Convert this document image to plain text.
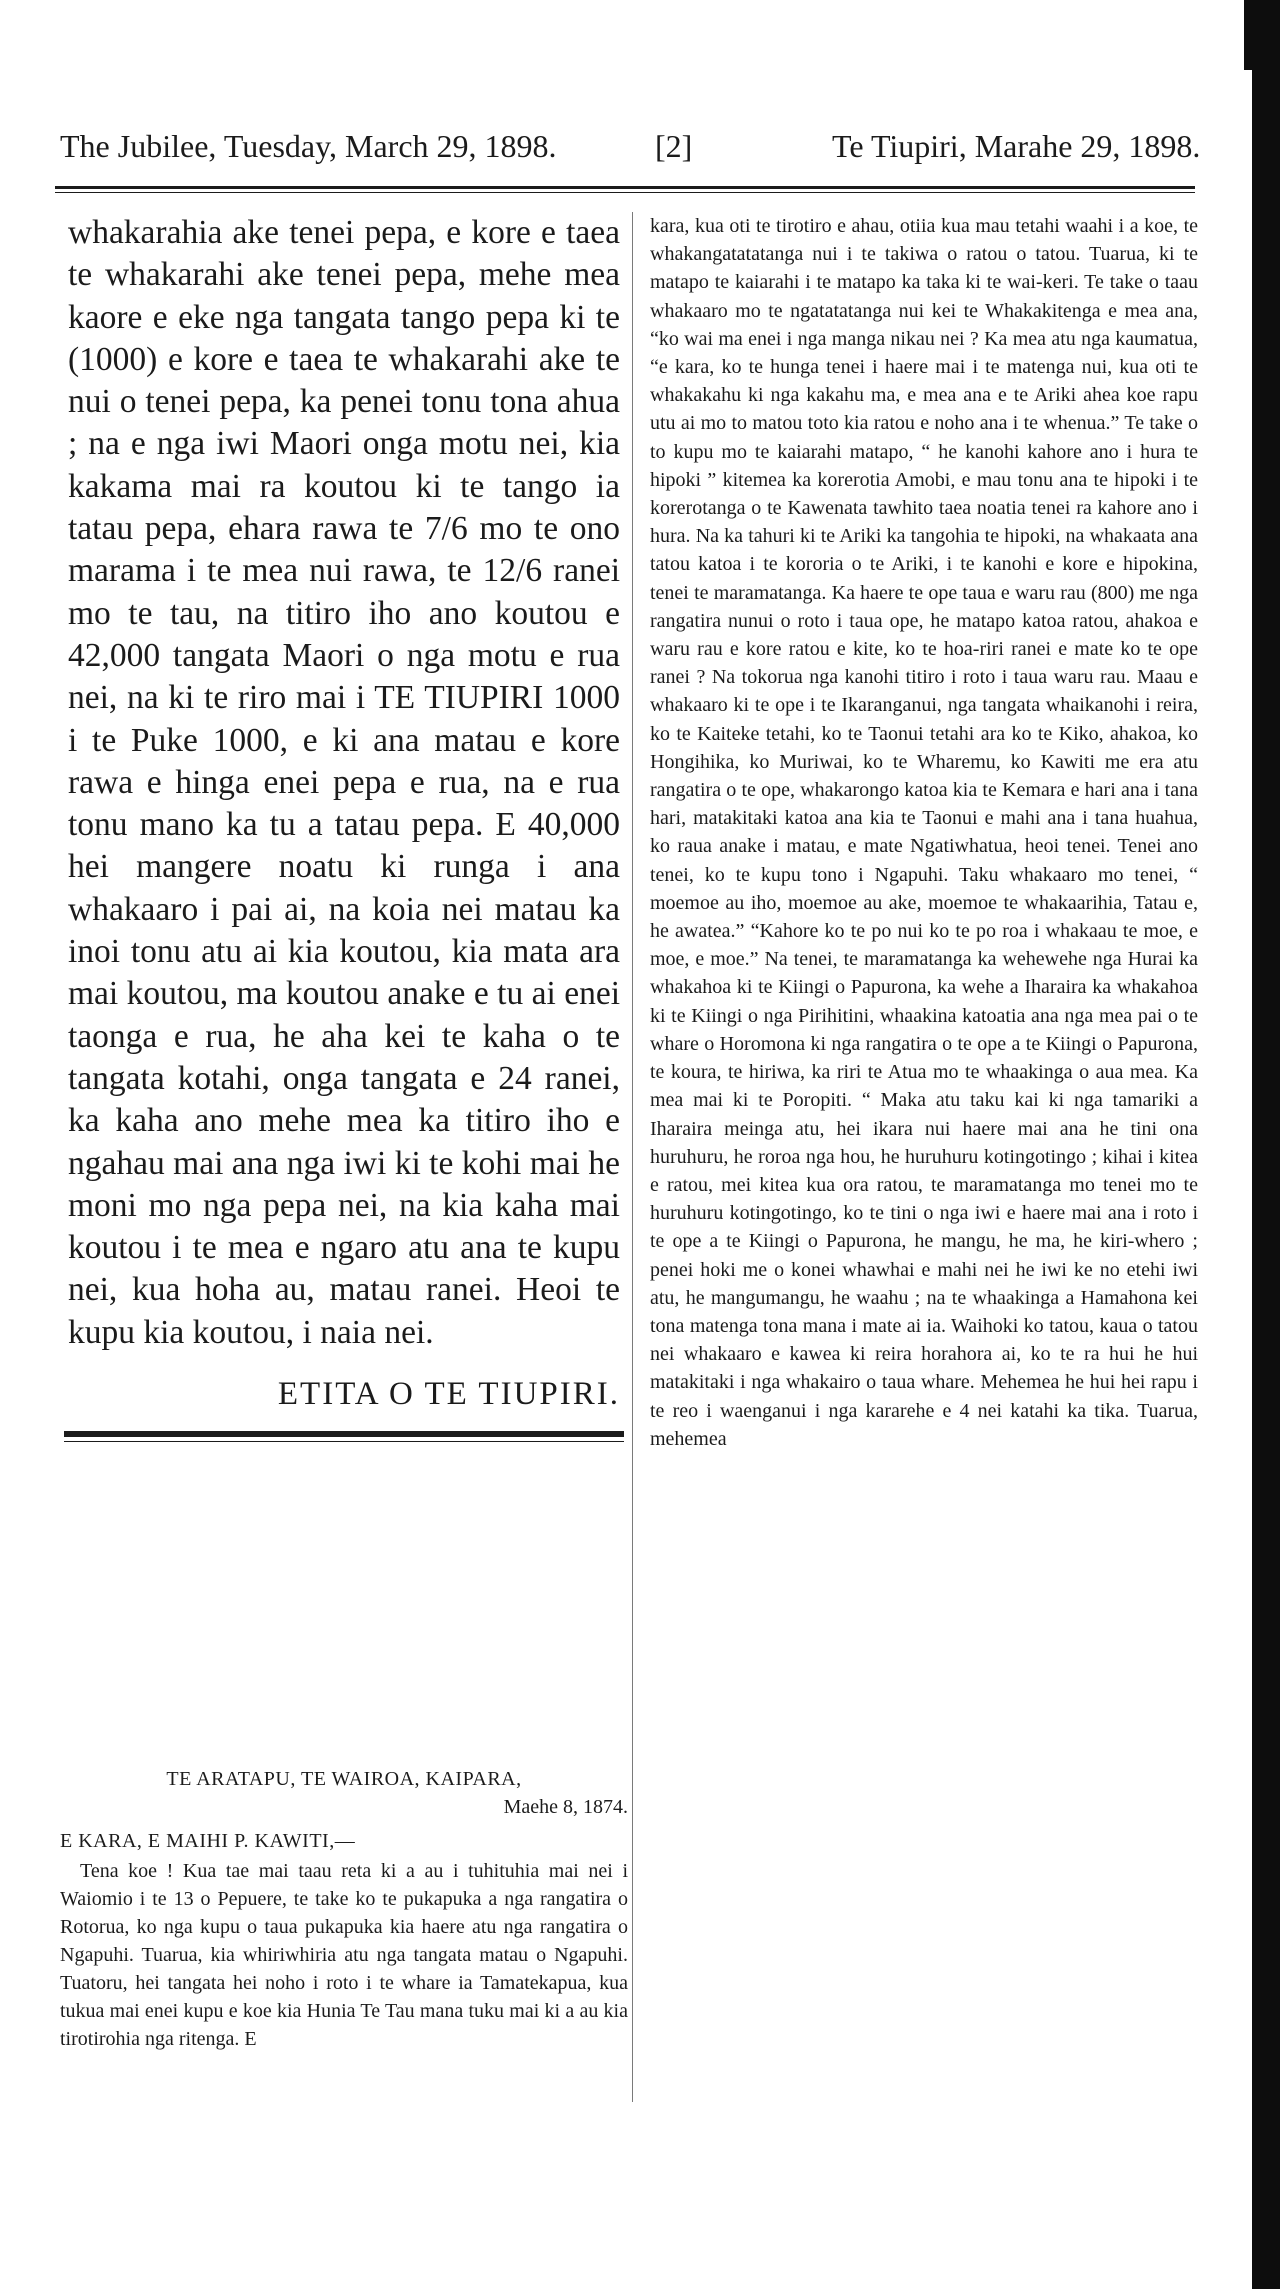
The Jubilee, Tuesday, March 29, 1898.	[2]	Te Tiupiri, Marahe 29, 1898.

whakarahia ake tenei pepa, e kore e taea te whakarahi ake tenei pepa, mehe mea kaore e eke nga tangata tango pepa ki te (1000) e kore e taea te whakarahi ake te nui o tenei pepa, ka penei tonu tona ahua ; na e nga iwi Maori onga motu nei, kia kakama mai ra koutou ki te tango ia tatau pepa, ehara rawa te 7/6 mo te ono marama i te mea nui rawa, te 12/6 ranei mo te tau, na titiro iho ano koutou e 42,000 tangata Maori o nga motu e rua nei, na ki te riro mai i TE TIUPIRI 1000 i te Puke 1000, e ki ana matau e kore rawa e hinga enei pepa e rua, na e rua tonu mano ka tu a tatau pepa. E 40,000 hei mangere noatu ki runga i ana whakaaro i pai ai, na koia nei matau ka inoi tonu atu ai kia koutou, kia mata ara mai koutou, ma koutou anake e tu ai enei taonga e rua, he aha kei te kaha o te tangata kotahi, onga tangata e 24 ranei, ka kaha ano mehe mea ka titiro iho e ngahau mai ana nga iwi ki te kohi mai he moni mo nga pepa nei, na kia kaha mai koutou i te mea e ngaro atu ana te kupu nei, kua hoha au, matau ranei. Heoi te kupu kia koutou, i naia nei.

ETITA O TE TIUPIRI.

TE ARATAPU, TE WAIROA, KAIPARA,

Maehe 8, 1874.

E KARA, E MAIHI P. KAWITI,—

Tena koe ! Kua tae mai taau reta ki a au i tuhituhia mai nei i Waiomio i te 13 o Pepuere, te take ko te pukapuka a nga rangatira o Rotorua, ko nga kupu o taua pukapuka kia haere atu nga rangatira o Ngapuhi. Tuarua, kia whiriwhiria atu nga tangata matau o Ngapuhi. Tuatoru, hei tangata hei noho i roto i te whare ia Tamatekapua, kua tukua mai enei kupu e koe kia Hunia Te Tau mana tuku mai ki a au kia tirotirohia nga ritenga. E

kara, kua oti te tirotiro e ahau, otiia kua mau tetahi waahi i a koe, te whakangatatatanga nui i te takiwa o ratou o tatou. Tuarua, ki te matapo te kaiarahi i te matapo ka taka ki te wai-keri. Te take o taau whakaaro mo te ngatatatanga nui kei te Whakakitenga e mea ana, “ko wai ma enei i nga manga nikau nei ? Ka mea atu nga kaumatua, “e kara, ko te hunga tenei i haere mai i te matenga nui, kua oti te whakakahu ki nga kakahu ma, e mea ana e te Ariki ahea koe rapu utu ai mo to matou toto kia ratou e noho ana i te whenua.” Te take o to kupu mo te kaiarahi matapo, “ he kanohi kahore ano i hura te hipoki ” kitemea ka korerotia Amobi, e mau tonu ana te hipoki i te korerotanga o te Kawenata tawhito taea noatia tenei ra kahore ano i hura. Na ka tahuri ki te Ariki ka tangohia te hipoki, na whakaata ana tatou katoa i te kororia o te Ariki, i te kanohi e kore e hipokina, tenei te maramatanga. Ka haere te ope taua e waru rau (800) me nga rangatira nunui o roto i taua ope, he matapo katoa ratou, ahakoa e waru rau e kore ratou e kite, ko te hoa-riri ranei e mate ko te ope ranei ? Na tokorua nga kanohi titiro i roto i taua waru rau. Maau e whakaaro ki te ope i te Ikaranganui, nga tangata whaikanohi i reira, ko te Kaiteke tetahi, ko te Taonui tetahi ara ko te Kiko, ahakoa, ko Hongihika, ko Muriwai, ko te Wharemu, ko Kawiti me era atu rangatira o te ope, whakarongo katoa kia te Kemara e hari ana i tana hari, matakitaki katoa ana kia te Taonui e mahi ana i tana huahua, ko raua anake i matau, e mate Ngatiwhatua, heoi tenei. Tenei ano tenei, ko te kupu tono i Ngapuhi. Taku whakaaro mo tenei, “ moemoe au iho, moemoe au ake, moemoe te whakaarihia, Tatau e, he awatea.” “Kahore ko te po nui ko te po roa i whakaau te moe, e moe, e moe.” Na tenei, te maramatanga ka wehewehe nga Hurai ka whakahoa ki te Kiingi o Papurona, ka wehe a Iharaira ka whakahoa ki te Kiingi o nga Pirihitini, whaakina katoatia ana nga mea pai o te whare o Horomona ki nga rangatira o te ope a te Kiingi o Papurona, te koura, te hiriwa, ka riri te Atua mo te whaakinga o aua mea. Ka mea mai ki te Poropiti. “ Maka atu taku kai ki nga tamariki a Iharaira meinga atu, hei ikara nui haere mai ana he tini ona huruhuru, he roroa nga hou, he huruhuru kotingotingo ; kihai i kitea e ratou, mei kitea kua ora ratou, te maramatanga mo tenei mo te huruhuru kotingotingo, ko te tini o nga iwi e haere mai ana i roto i te ope a te Kiingi o Papurona, he mangu, he ma, he kiri-whero ; penei hoki me o konei whawhai e mahi nei he iwi ke no etehi iwi atu, he mangumangu, he waahu ; na te whaakinga a Hamahona kei tona matenga tona mana i mate ai ia. Waihoki ko tatou, kaua o tatou nei whakaaro e kawea ki reira horahora ai, ko te ra hui he hui matakitaki i nga whakairo o taua whare. Mehemea he hui hei rapu i te reo i waenganui i nga kararehe e 4 nei katahi ka tika. Tuarua, mehemea
